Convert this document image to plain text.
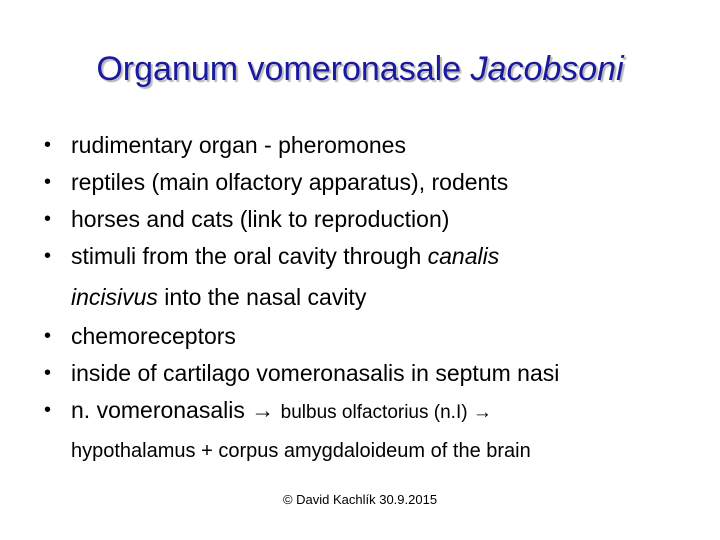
Organum vomeronasale Jacobsoni
• rudimentary organ - pheromones
• reptiles (main olfactory apparatus), rodents
• horses and cats (link to reproduction)
• stimuli from the oral cavity through canalis
• chemoreceptors
• inside of cartilago vomeronasalis in septum nasi
• n. vomeronasalis → bulbus olfactorius (n.I) →
incisivus into the nasal cavity
hypothalamus + corpus amygdaloideum of the brain
© David Kachlík 30.9.2015
